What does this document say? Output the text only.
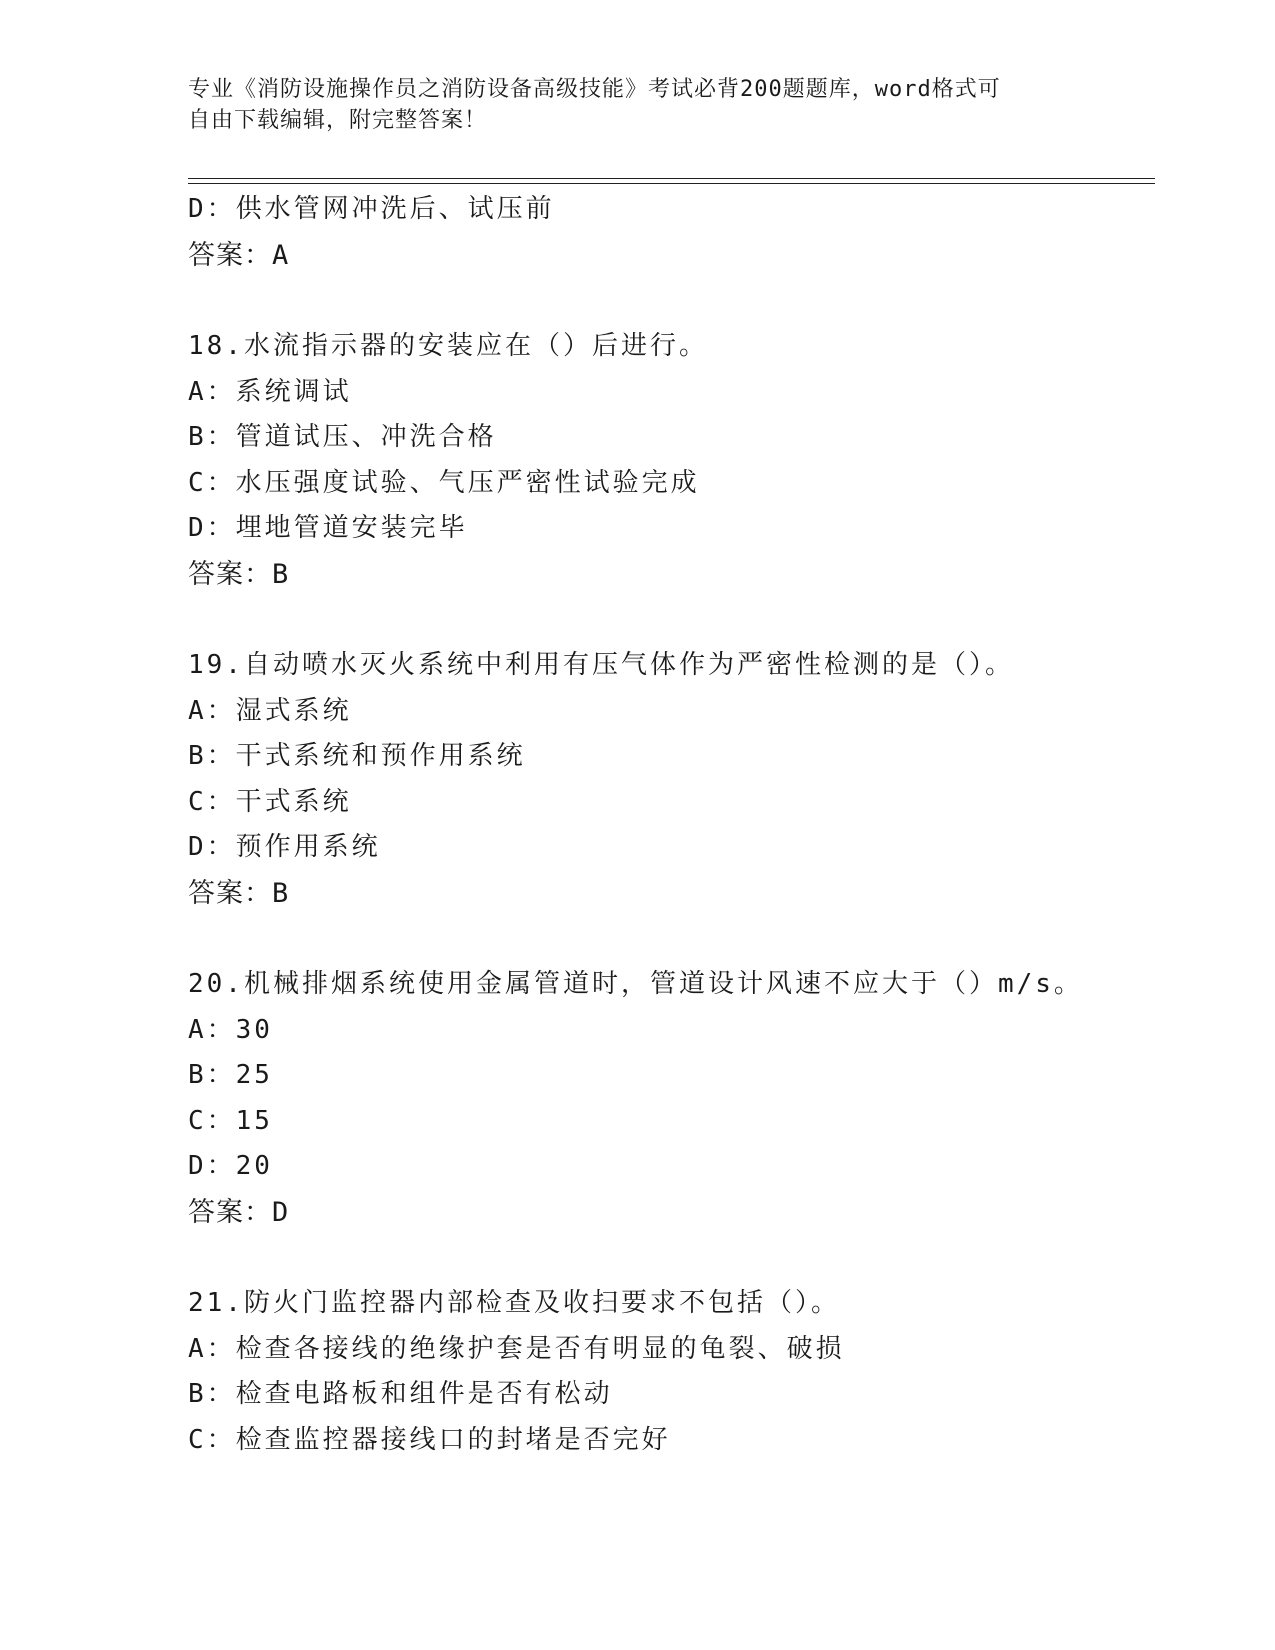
专业《消防设施操作员之消防设备高级技能》考试必背200题题库，word格式可
自由下载编辑，附完整答案！
D：供水管网冲洗后、试压前
答案：A
18.水流指示器的安装应在（）后进行。
A：系统调试
B：管道试压、冲洗合格
C：水压强度试验、气压严密性试验完成
D：埋地管道安装完毕
答案：B
19.自动喷水灭火系统中利用有压气体作为严密性检测的是（）。
A：湿式系统
B：干式系统和预作用系统
C：干式系统
D：预作用系统
答案：B
20.机械排烟系统使用金属管道时，管道设计风速不应大于（）m/s。
A：30
B：25
C：15
D：20
答案：D
21.防火门监控器内部检查及收扫要求不包括（）。
A：检查各接线的绝缘护套是否有明显的龟裂、破损
B：检查电路板和组件是否有松动
C：检查监控器接线口的封堵是否完好
